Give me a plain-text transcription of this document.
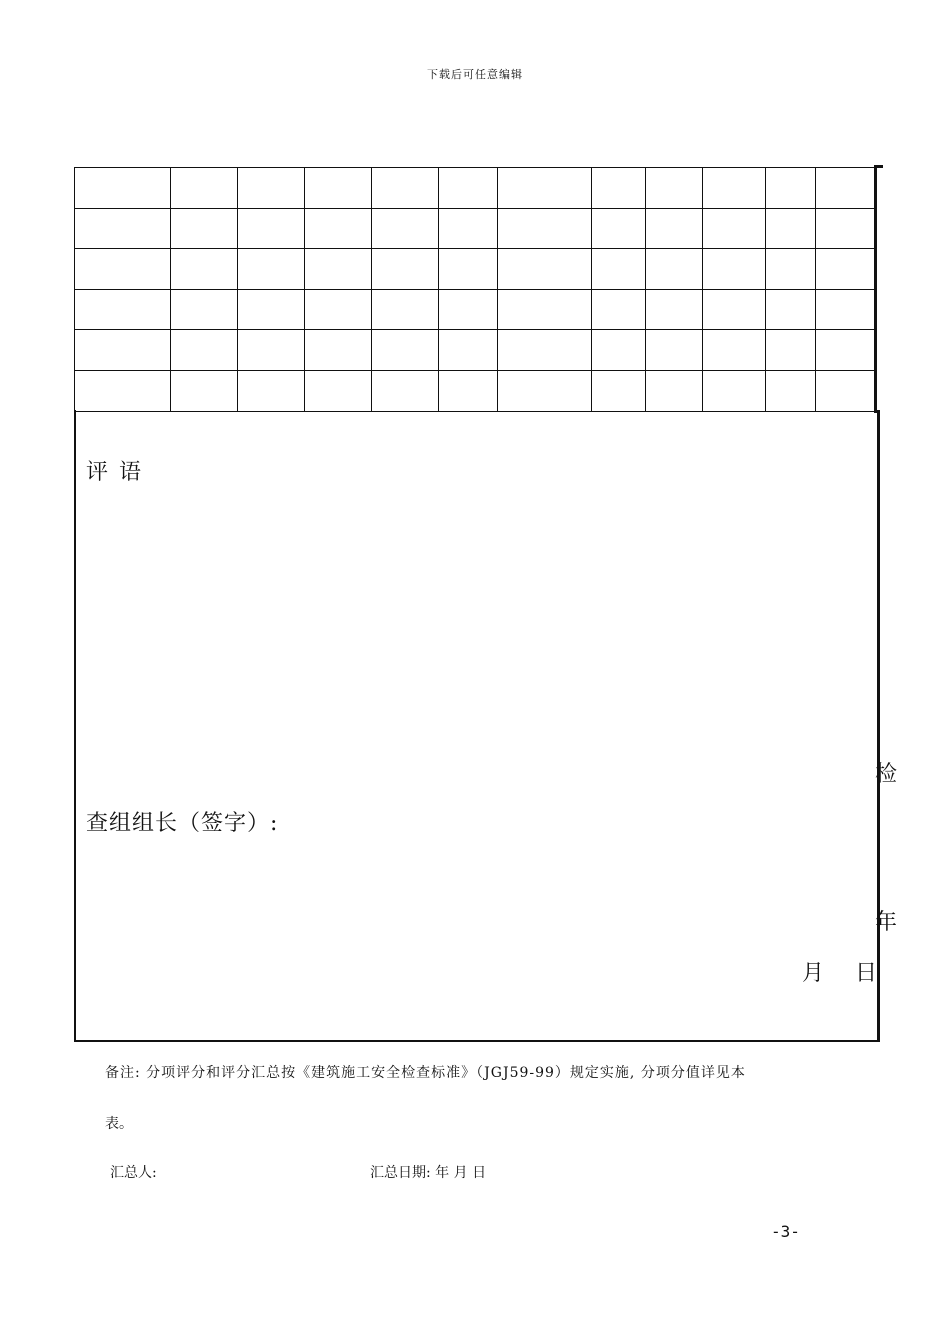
下载后可任意编辑

评 语
检
查组组长（签字）:
年
月 日
备注: 分项评分和评分汇总按《建筑施工安全检查标准》（JGJ59-99）规定实施, 分项分值详见本
表。
汇总人:	汇总日期: 年 月 日
-3-
